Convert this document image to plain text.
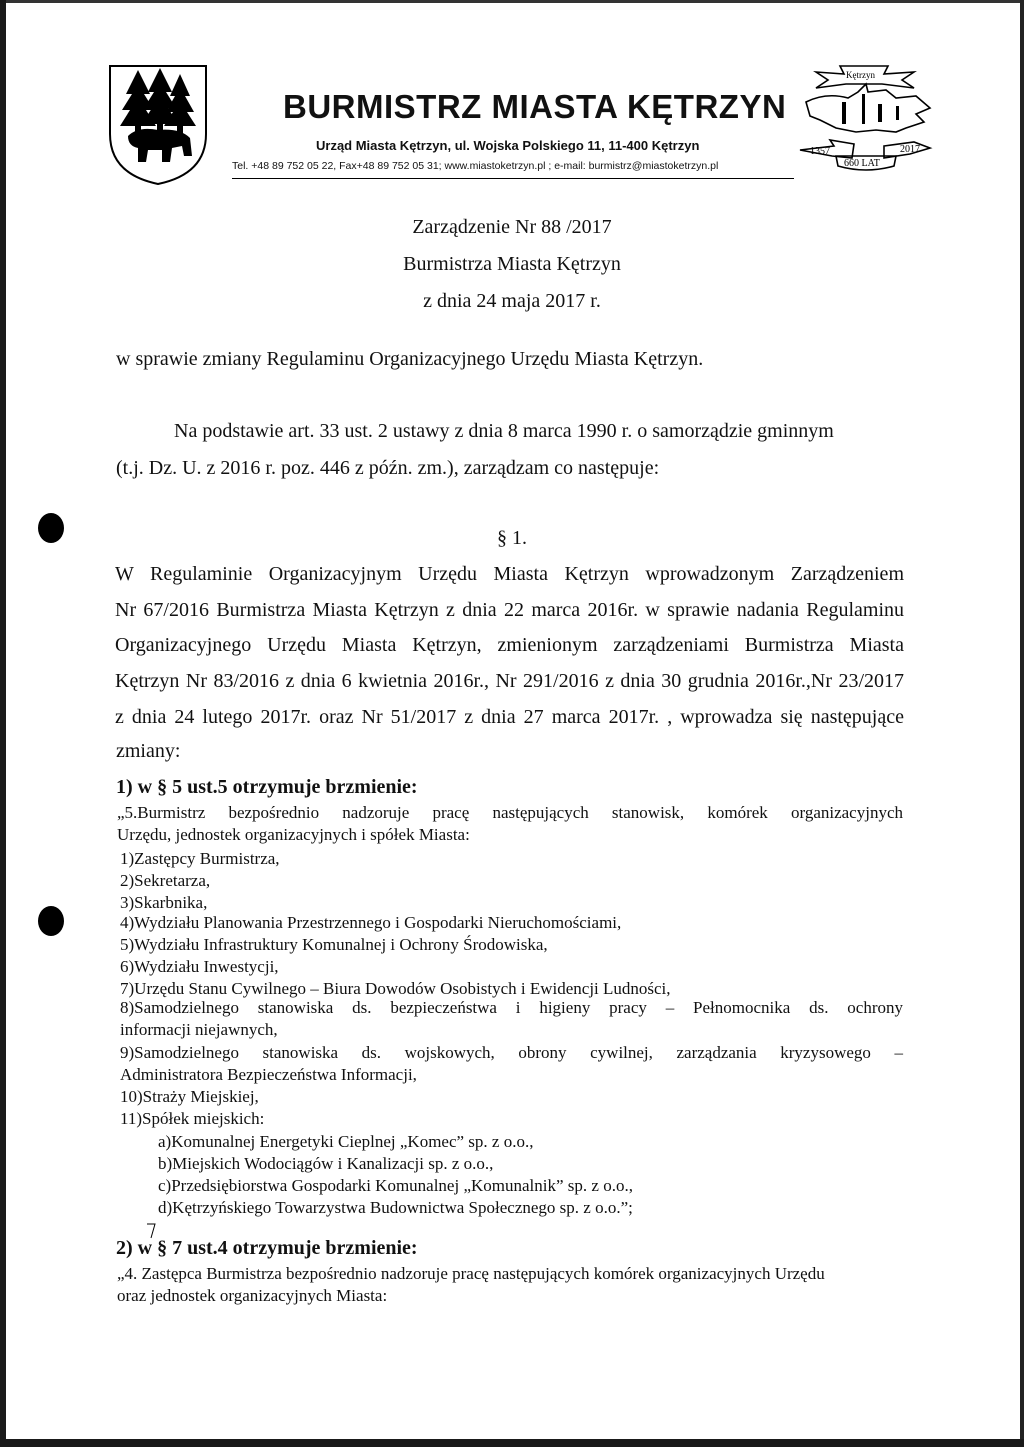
Kętrzyn
1357	2017
660 LAT
BURMISTRZ MIASTA KĘTRZYN
Urząd Miasta Kętrzyn, ul. Wojska Polskiego 11, 11-400 Kętrzyn
Tel. +48 89 752 05 22, Fax+48 89 752 05 31; www.miastoketrzyn.pl ; e-mail: burmistrz@miastoketrzyn.pl
Zarządzenie Nr 88 /2017
Burmistrza Miasta Kętrzyn
z dnia 24 maja 2017 r.
w sprawie zmiany Regulaminu Organizacyjnego Urzędu Miasta Kętrzyn.
Na podstawie art. 33 ust. 2 ustawy z dnia 8 marca 1990 r. o samorządzie gminnym
(t.j. Dz. U. z 2016 r. poz. 446 z późn. zm.), zarządzam co następuje:
§ 1.
W Regulaminie Organizacyjnym Urzędu Miasta Kętrzyn wprowadzonym Zarządzeniem
Nr 67/2016 Burmistrza Miasta Kętrzyn z dnia 22 marca 2016r. w sprawie nadania Regulaminu
Organizacyjnego Urzędu Miasta Kętrzyn, zmienionym zarządzeniami Burmistrza Miasta
Kętrzyn Nr 83/2016 z dnia 6 kwietnia 2016r., Nr 291/2016 z dnia 30 grudnia 2016r.,Nr 23/2017
z dnia 24 lutego 2017r. oraz Nr 51/2017 z dnia 27 marca 2017r. , wprowadza się następujące
zmiany:
1) w § 5 ust.5 otrzymuje brzmienie:
„5.Burmistrz bezpośrednio nadzoruje pracę następujących stanowisk, komórek organizacyjnych
Urzędu, jednostek organizacyjnych i spółek Miasta:
1)Zastępcy Burmistrza,
2)Sekretarza,
3)Skarbnika,
4)Wydziału Planowania Przestrzennego i Gospodarki Nieruchomościami,
5)Wydziału Infrastruktury Komunalnej i Ochrony Środowiska,
6)Wydziału Inwestycji,
7)Urzędu Stanu Cywilnego – Biura Dowodów Osobistych i Ewidencji Ludności,
8)Samodzielnego stanowiska ds. bezpieczeństwa i higieny pracy – Pełnomocnika ds. ochrony
informacji niejawnych,
9)Samodzielnego stanowiska ds. wojskowych, obrony cywilnej, zarządzania kryzysowego –
Administratora Bezpieczeństwa Informacji,
10)Straży Miejskiej,
11)Spółek miejskich:
a)Komunalnej Energetyki Cieplnej „Komec” sp. z o.o.,
b)Miejskich Wodociągów i Kanalizacji sp. z o.o.,
c)Przedsiębiorstwa Gospodarki Komunalnej „Komunalnik” sp. z o.o.,
d)Kętrzyńskiego Towarzystwa Budownictwa Społecznego sp. z o.o.”;
2) w § 7 ust.4 otrzymuje brzmienie:
„4. Zastępca Burmistrza bezpośrednio nadzoruje pracę następujących komórek organizacyjnych Urzędu
oraz jednostek organizacyjnych Miasta:
